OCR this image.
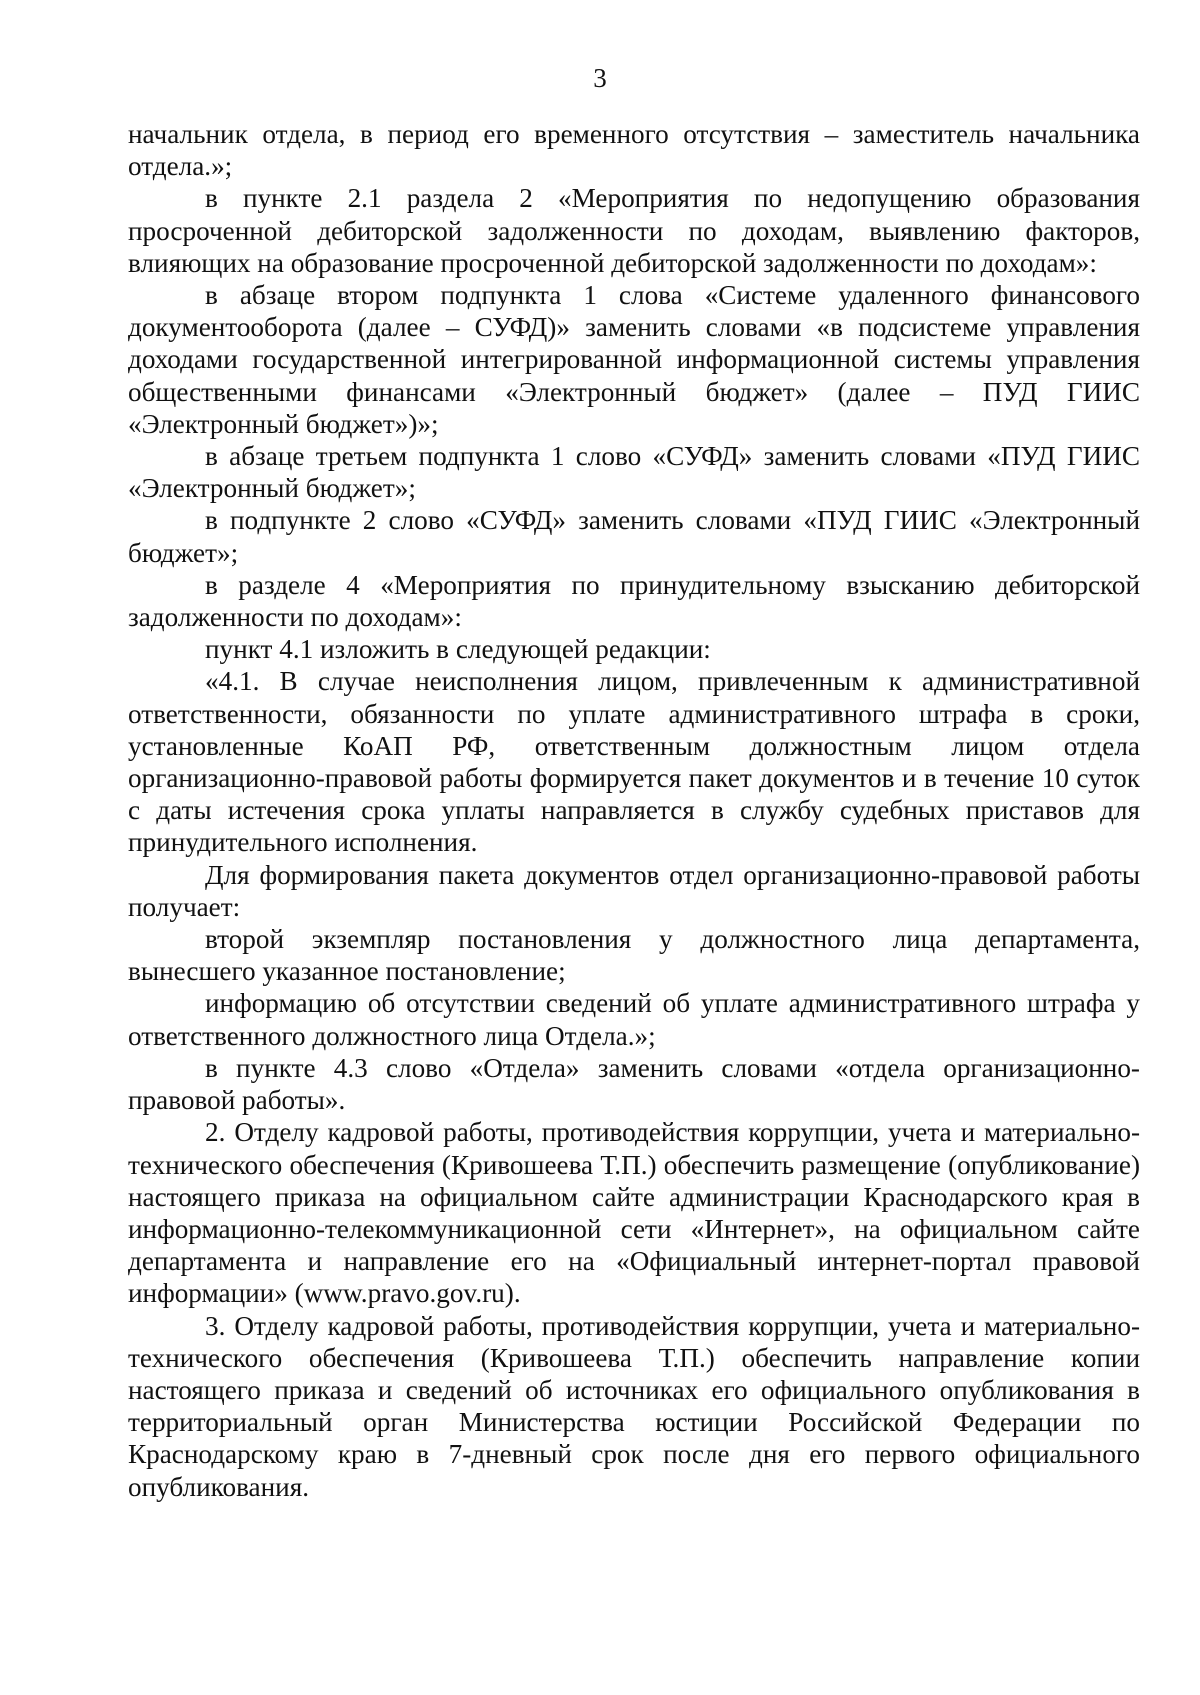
3

начальник отдела, в период его временного отсутствия – заместитель начальника отдела.»;

в пункте 2.1 раздела 2 «Мероприятия по недопущению образования просроченной дебиторской задолженности по доходам, выявлению факторов, влияющих на образование просроченной дебиторской задолженности по доходам»:

в абзаце втором подпункта 1 слова «Системе удаленного финансового документооборота (далее – СУФД)» заменить словами «в подсистеме управления доходами государственной интегрированной информационной системы управления общественными финансами «Электронный бюджет» (далее – ПУД ГИИС «Электронный бюджет»)»;

в абзаце третьем подпункта 1 слово «СУФД» заменить словами «ПУД ГИИС «Электронный бюджет»;

в подпункте 2 слово «СУФД» заменить словами «ПУД ГИИС «Электронный бюджет»;

в разделе 4 «Мероприятия по принудительному взысканию дебиторской задолженности по доходам»:

пункт 4.1 изложить в следующей редакции:

«4.1. В случае неисполнения лицом, привлеченным к административной ответственности, обязанности по уплате административного штрафа в сроки, установленные КоАП РФ, ответственным должностным лицом отдела организационно-правовой работы формируется пакет документов и в течение 10 суток с даты истечения срока уплаты направляется в службу судебных приставов для принудительного исполнения.

Для формирования пакета документов отдел организационно-правовой работы получает:

второй экземпляр постановления у должностного лица департамента, вынесшего указанное постановление;

информацию об отсутствии сведений об уплате административного штрафа у ответственного должностного лица Отдела.»;

в пункте 4.3 слово «Отдела» заменить словами «отдела организационно-правовой работы».

2. Отделу кадровой работы, противодействия коррупции, учета и материально-технического обеспечения (Кривошеева Т.П.) обеспечить размещение (опубликование) настоящего приказа на официальном сайте администрации Краснодарского края в информационно-телекоммуникационной сети «Интернет», на официальном сайте департамента и направление его на «Официальный интернет-портал правовой информации» (www.pravo.gov.ru).

3. Отделу кадровой работы, противодействия коррупции, учета и материально-технического обеспечения (Кривошеева Т.П.) обеспечить направление копии настоящего приказа и сведений об источниках его официального опубликования в территориальный орган Министерства юстиции Российской Федерации по Краснодарскому краю в 7-дневный срок после дня его первого официального опубликования.
